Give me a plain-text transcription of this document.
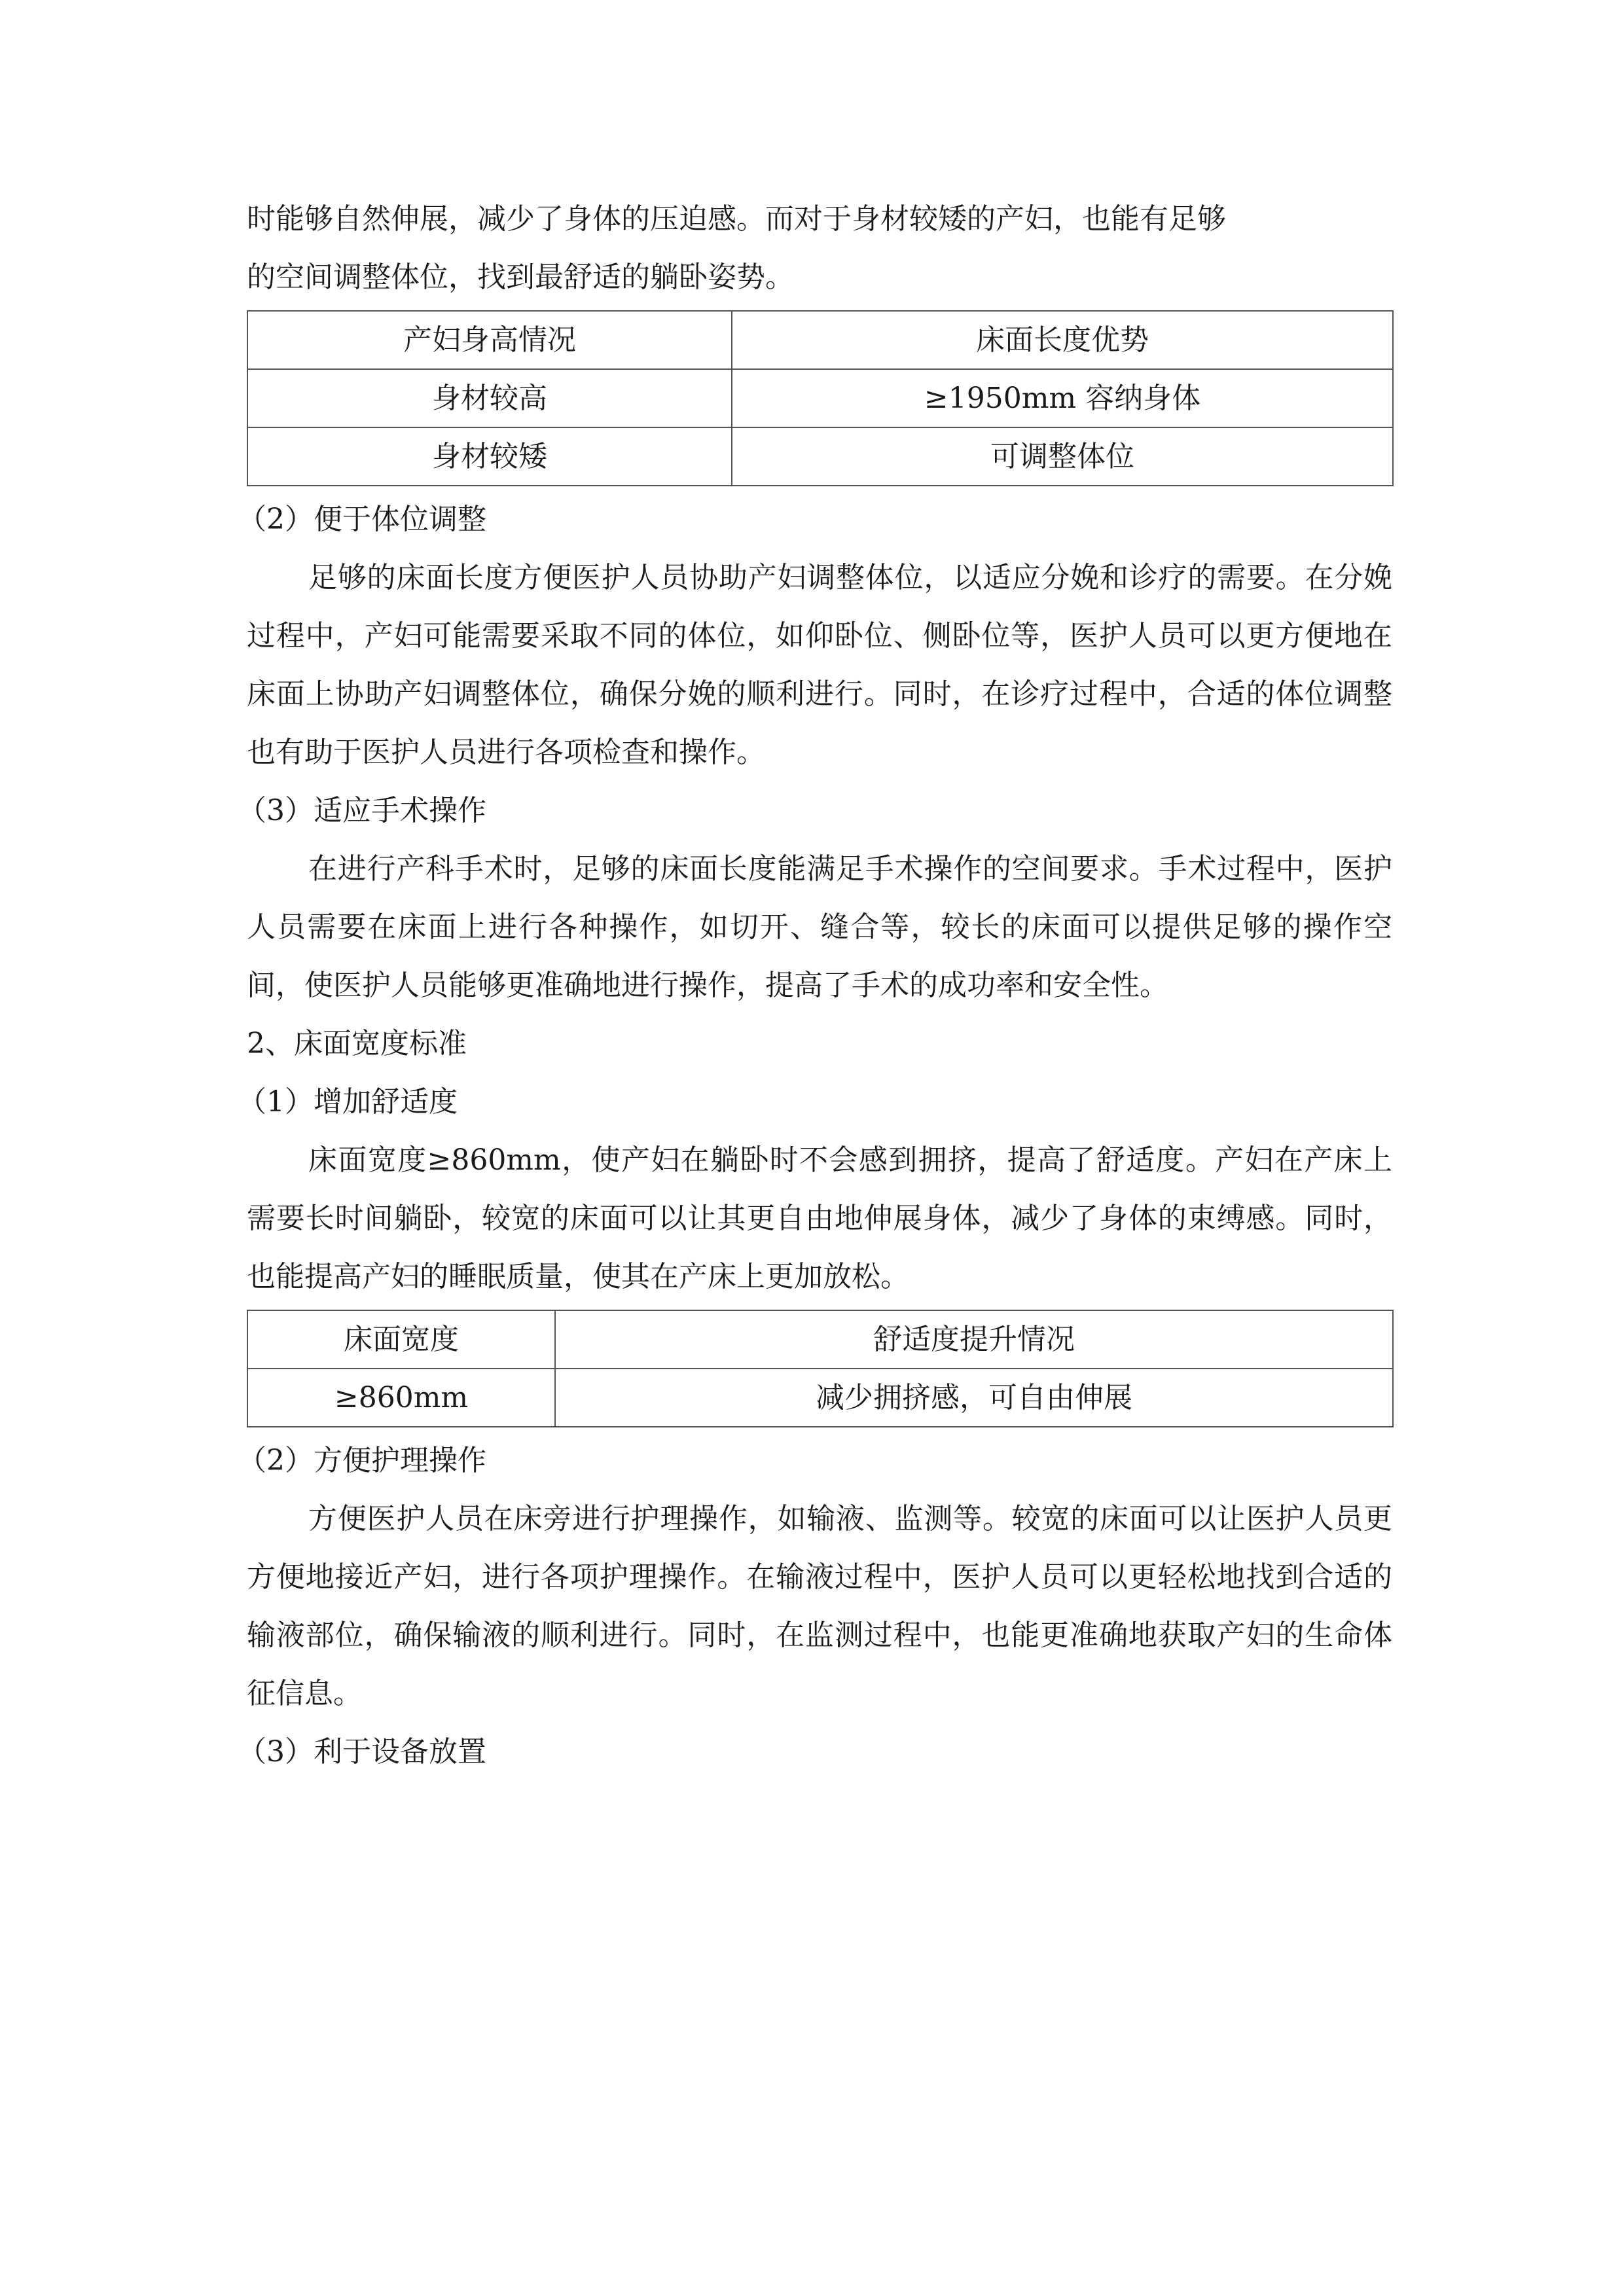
时能够自然伸展，减少了身体的压迫感。而对于身材较矮的产妇，也能有足够

的空间调整体位，找到最舒适的躺卧姿势。

产妇身高情况	床面长度优势
身材较高	≥1950mm 容纳身体
身材较矮	可调整体位

（2）便于体位调整

足够的床面长度方便医护人员协助产妇调整体位，以适应分娩和诊疗的需要。在分娩过程中，产妇可能需要采取不同的体位，如仰卧位、侧卧位等，医护人员可以更方便地在床面上协助产妇调整体位，确保分娩的顺利进行。同时，在诊疗过程中，合适的体位调整也有助于医护人员进行各项检查和操作。

（3）适应手术操作

在进行产科手术时，足够的床面长度能满足手术操作的空间要求。手术过程中，医护人员需要在床面上进行各种操作，如切开、缝合等，较长的床面可以提供足够的操作空间，使医护人员能够更准确地进行操作，提高了手术的成功率和安全性。

2、床面宽度标准

（1）增加舒适度

床面宽度≥860mm，使产妇在躺卧时不会感到拥挤，提高了舒适度。产妇在产床上需要长时间躺卧，较宽的床面可以让其更自由地伸展身体，减少了身体的束缚感。同时，也能提高产妇的睡眠质量，使其在产床上更加放松。

床面宽度	舒适度提升情况
≥860mm	减少拥挤感，可自由伸展

（2）方便护理操作

方便医护人员在床旁进行护理操作，如输液、监测等。较宽的床面可以让医护人员更方便地接近产妇，进行各项护理操作。在输液过程中，医护人员可以更轻松地找到合适的输液部位，确保输液的顺利进行。同时，在监测过程中，也能更准确地获取产妇的生命体征信息。

（3）利于设备放置
